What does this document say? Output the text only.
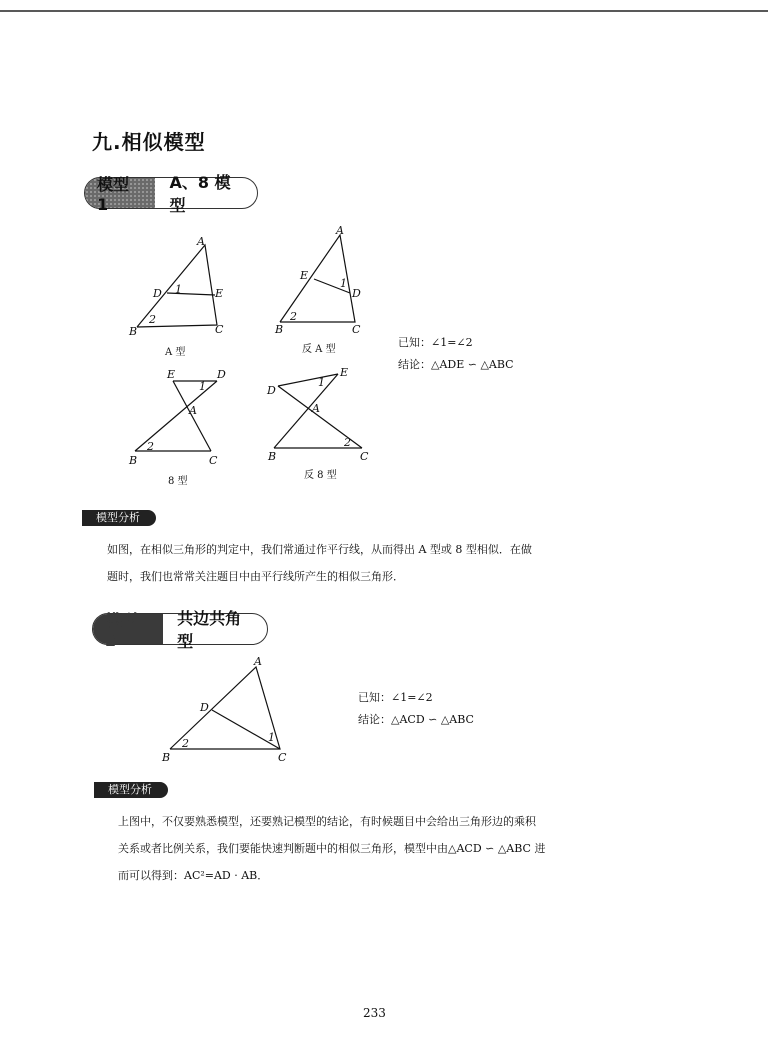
九.相似模型
模型 1
A、8 模型
A
B	C
D	E
1
2
A 型
A
B	C
E
D
1
2
反 A 型
已知：∠1=∠2
结论：△ADE ∽ △ABC
E	D
A
B	C
1
2
8 型
D
E
A
B	C
1
2
反 8 型
模型分析
如图，在相似三角形的判定中，我们常通过作平行线，从而得出 A 型或 8 型相似．在做
题时，我们也常常关注题目中由平行线所产生的相似三角形．
模型 2
共边共角型
A
B	C
D
1
2
已知：∠1=∠2
结论：△ACD ∽ △ABC
模型分析
上图中，不仅要熟悉模型，还要熟记模型的结论，有时候题目中会给出三角形边的乘积
关系或者比例关系，我们要能快速判断题中的相似三角形，模型中由△ACD ∽ △ABC 进
而可以得到：AC²=AD · AB．
233
